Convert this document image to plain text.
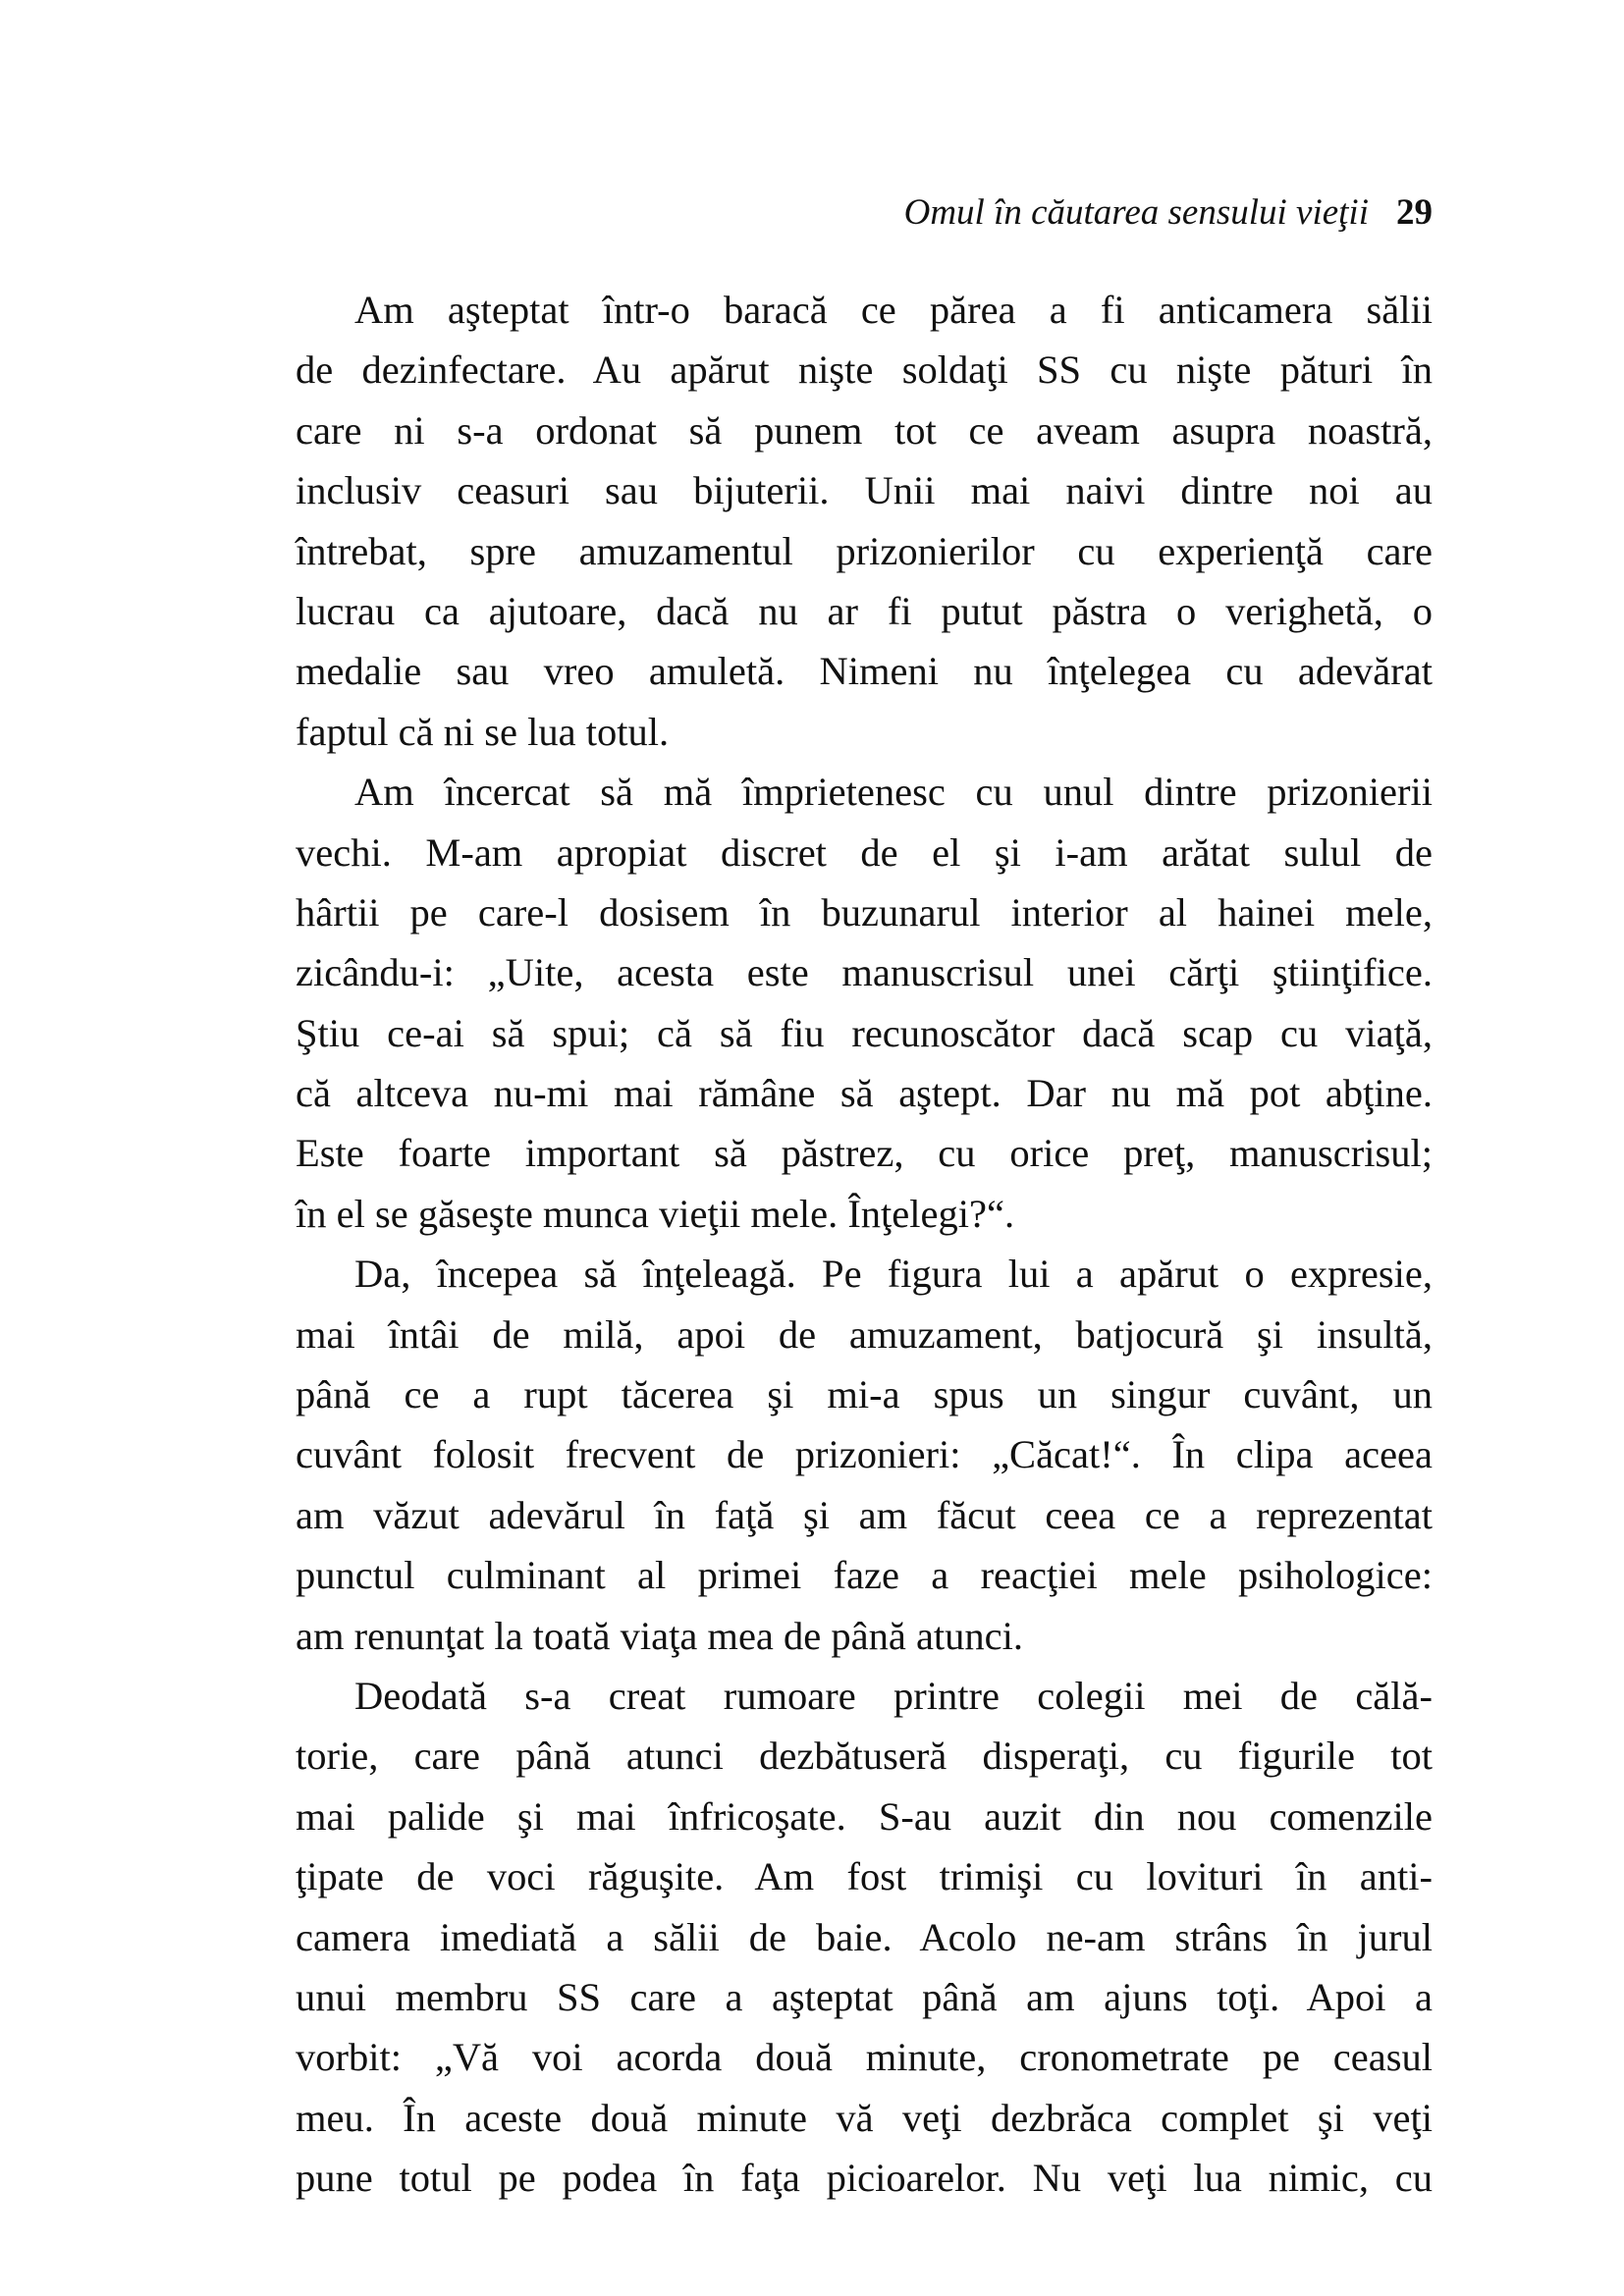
Omul în căutarea sensului vieţii 29
Am aşteptat într-o baracă ce părea a fi anticamera sălii
de dezinfectare. Au apărut nişte soldaţi SS cu nişte pături în
care ni s-a ordonat să punem tot ce aveam asupra noastră,
inclusiv ceasuri sau bijuterii. Unii mai naivi dintre noi au
întrebat, spre amuzamentul prizonierilor cu experienţă care
lucrau ca ajutoare, dacă nu ar fi putut păstra o verighetă, o
medalie sau vreo amuletă. Nimeni nu înţelegea cu adevărat
faptul că ni se lua totul.
Am încercat să mă împrietenesc cu unul dintre prizonierii
vechi. M-am apropiat discret de el şi i-am arătat sulul de
hârtii pe care-l dosisem în buzunarul interior al hainei mele,
zicându-i: „Uite, acesta este manuscrisul unei cărţi ştiinţifice.
Ştiu ce-ai să spui; că să fiu recunoscător dacă scap cu viaţă,
că altceva nu-mi mai rămâne să aştept. Dar nu mă pot abţine.
Este foarte important să păstrez, cu orice preţ, manuscrisul;
în el se găseşte munca vieţii mele. Înţelegi?“.
Da, începea să înţeleagă. Pe figura lui a apărut o expresie,
mai întâi de milă, apoi de amuzament, batjocură şi insultă,
până ce a rupt tăcerea şi mi-a spus un singur cuvânt, un
cuvânt folosit frecvent de prizonieri: „Căcat!“. În clipa aceea
am văzut adevărul în faţă şi am făcut ceea ce a reprezentat
punctul culminant al primei faze a reacţiei mele psihologice:
am renunţat la toată viaţa mea de până atunci.
Deodată s-a creat rumoare printre colegii mei de călă-
torie, care până atunci dezbătuseră disperaţi, cu figurile tot
mai palide şi mai înfricoşate. S-au auzit din nou comenzile
ţipate de voci răguşite. Am fost trimişi cu lovituri în anti-
camera imediată a sălii de baie. Acolo ne-am strâns în jurul
unui membru SS care a aşteptat până am ajuns toţi. Apoi a
vorbit: „Vă voi acorda două minute, cronometrate pe ceasul
meu. În aceste două minute vă veţi dezbrăca complet şi veţi
pune totul pe podea în faţa picioarelor. Nu veţi lua nimic, cu
